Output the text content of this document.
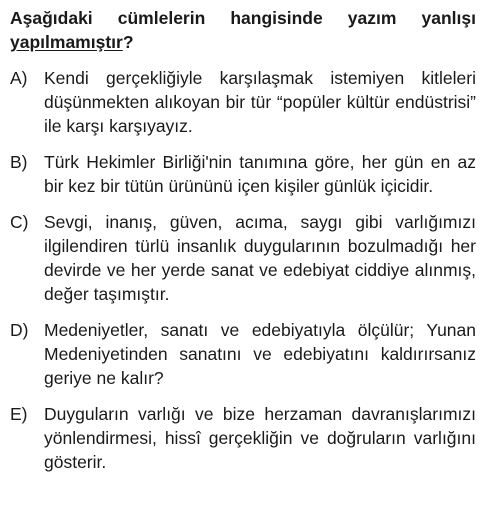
Aşağıdaki cümlelerin hangisinde yazım yanlışı yapılmamıştır?

A) Kendi gerçekliğiyle karşılaşmak istemiyen kitleleri düşünmekten alıkoyan bir tür “popüler kültür endüstrisi” ile karşı karşıyayız.
B) Türk Hekimler Birliği'nin tanımına göre, her gün en az bir kez bir tütün ürününü içen kişiler günlük içicidir.
C) Sevgi, inanış, güven, acıma, saygı gibi varlığımızı ilgilendiren türlü insanlık duygularının bozulmadığı her devirde ve her yerde sanat ve edebiyat ciddiye alınmış, değer taşımıştır.
D) Medeniyetler, sanatı ve edebiyatıyla ölçülür; Yunan Medeniyetinden sanatını ve edebiyatını kaldırırsanız geriye ne kalır?
E) Duyguların varlığı ve bize herzaman davranışlarımızı yönlendirmesi, hissî gerçekliğin ve doğruların varlığını gösterir.
